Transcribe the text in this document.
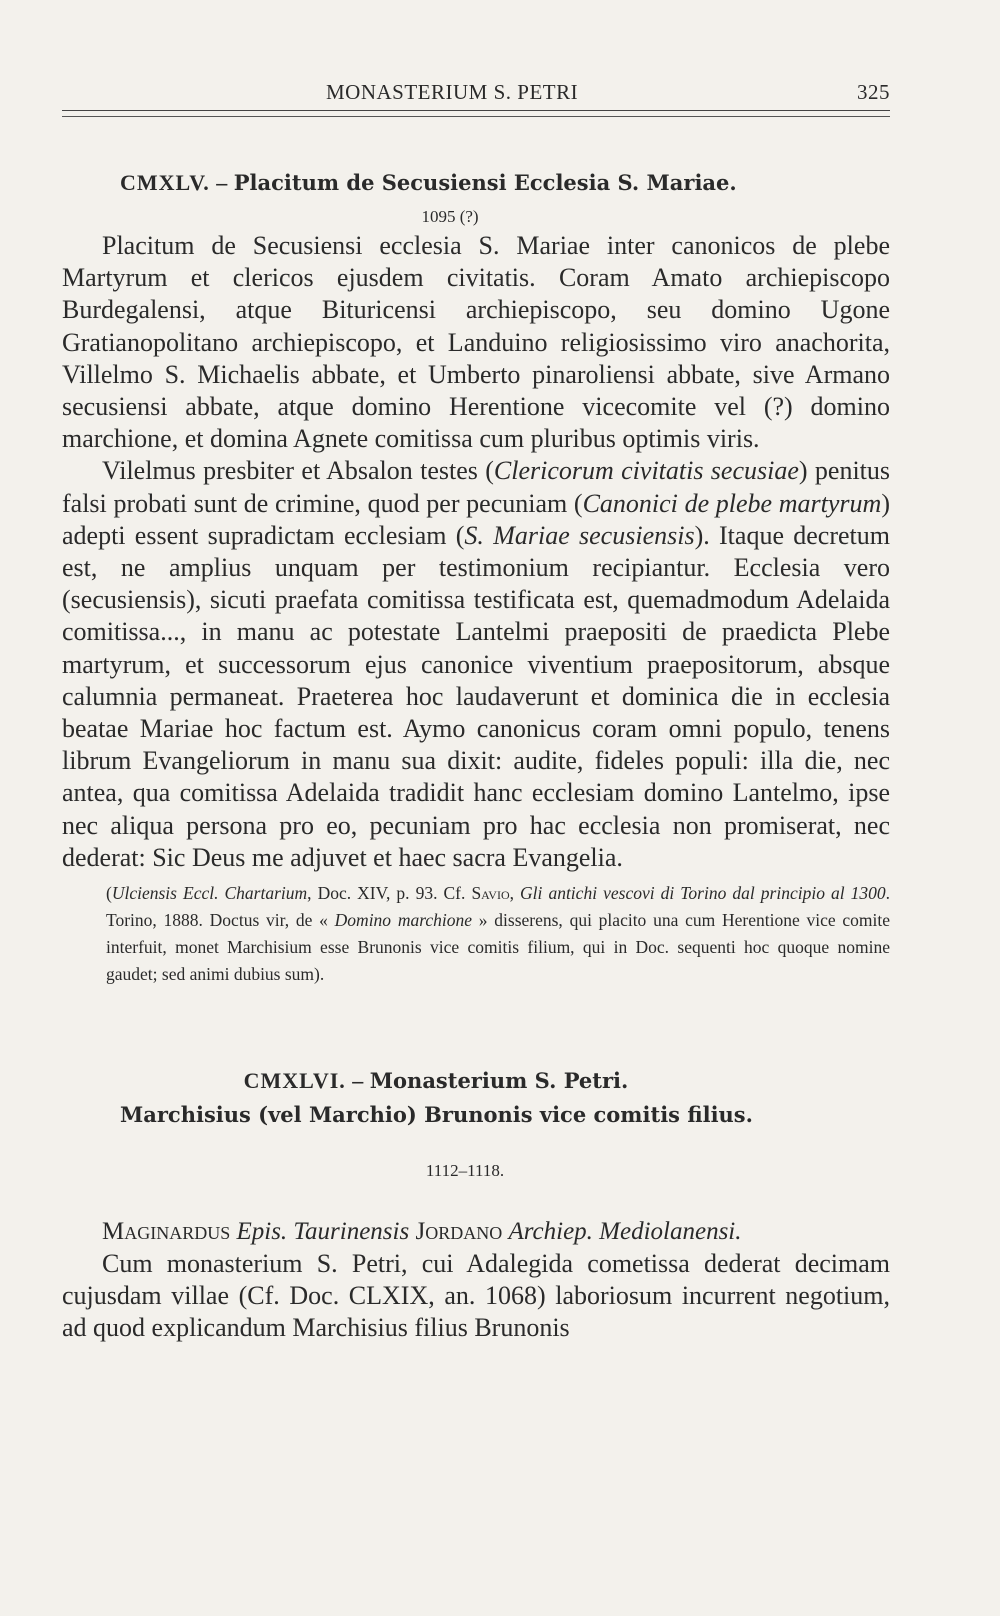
MONASTERIUM S. PETRI	325
CMXLV. – Placitum de Secusiensi Ecclesia S. Mariae.
1095 (?)

Placitum de Secusiensi ecclesia S. Mariae inter canonicos de plebe Martyrum et clericos ejusdem civitatis. Coram Amato archiepiscopo Burdegalensi, atque Bituricensi archiepiscopo, seu domino Ugone Gratianopolitano archiepiscopo, et Landuino religiosissimo viro anachorita, Villelmo S. Michaelis abbate, et Umberto pinaroliensi abbate, sive Armano secusiensi abbate, atque domino Herentione vicecomite vel (?) domino marchione, et domina Agnete comitissa cum pluribus optimis viris.

Vilelmus presbiter et Absalon testes (Clericorum civitatis secusiae) penitus falsi probati sunt de crimine, quod per pecuniam (Canonici de plebe martyrum) adepti essent supradictam ecclesiam (S. Mariae secusiensis). Itaque decretum est, ne amplius unquam per testimonium recipiantur. Ecclesia vero (secusiensis), sicuti praefata comitissa testificata est, quemadmodum Adelaida comitissa..., in manu ac potestate Lantelmi praepositi de praedicta Plebe martyrum, et successorum ejus canonice viventium praepositorum, absque calumnia permaneat. Praeterea hoc laudaverunt et dominica die in ecclesia beatae Mariae hoc factum est. Aymo canonicus coram omni populo, tenens librum Evangeliorum in manu sua dixit: audite, fideles populi: illa die, nec antea, qua comitissa Adelaida tradidit hanc ecclesiam domino Lantelmo, ipse nec aliqua persona pro eo, pecuniam pro hac ecclesia non promiserat, nec dederat: Sic Deus me adjuvet et haec sacra Evangelia.

(Ulciensis Eccl. Chartarium, Doc. XIV, p. 93. Cf. Savio, Gli antichi vescovi di Torino dal principio al 1300. Torino, 1888. Doctus vir, de « Domino marchione » disserens, qui placito una cum Herentione vice comite interfuit, monet Marchisium esse Brunonis vice comitis filium, qui in Doc. sequenti hoc quoque nomine gaudet; sed animi dubius sum).

CMXLVI. – Monasterium S. Petri.
Marchisius (vel Marchio) Brunonis vice comitis filius.
1112–1118.
Maginardus Epis. Taurinensis Jordano Archiep. Mediolanensi.

Cum monasterium S. Petri, cui Adalegida cometissa dederat decimam cujusdam villae (Cf. Doc. CLXIX, an. 1068) laboriosum incurrent negotium, ad quod explicandum Marchisius filius Brunonis
